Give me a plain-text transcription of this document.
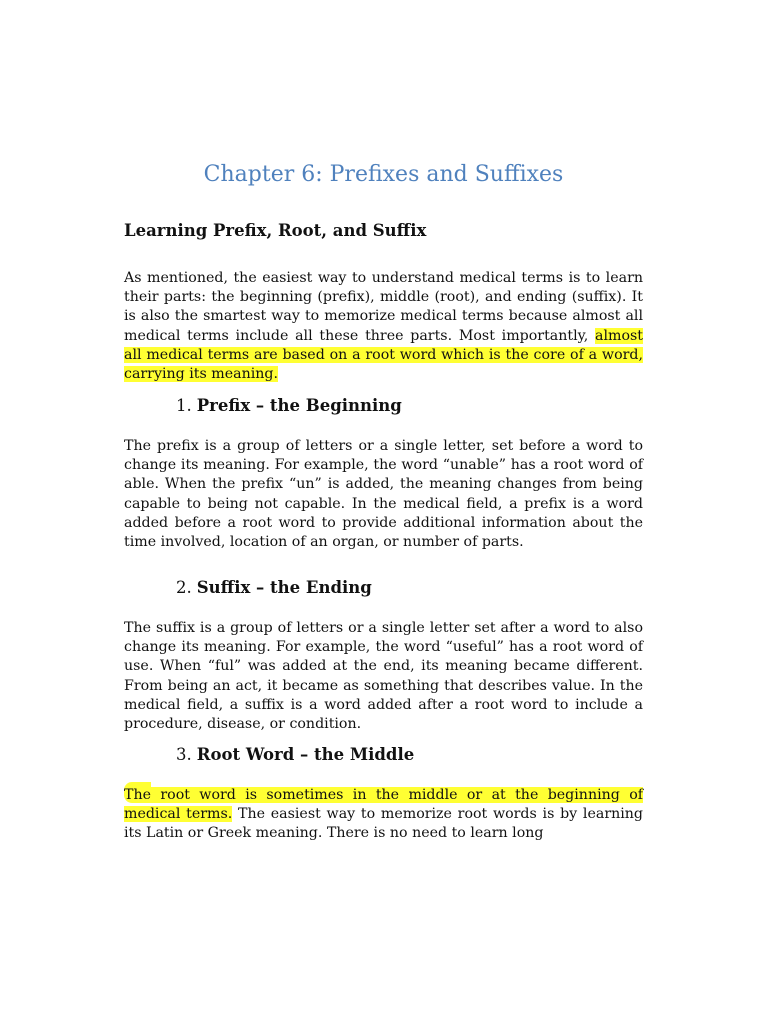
Chapter 6: Prefixes and Suffixes
Learning Prefix, Root, and Suffix

As mentioned, the easiest way to understand medical terms is to learn their parts: the beginning (prefix), middle (root), and ending (suffix). It is also the smartest way to memorize medical terms because almost all medical terms include all these three parts. Most importantly, almost all medical terms are based on a root word which is the core of a word, carrying its meaning.

1. Prefix – the Beginning

The prefix is a group of letters or a single letter, set before a word to change its meaning. For example, the word “unable” has a root word of able. When the prefix “un” is added, the meaning changes from being capable to being not capable. In the medical field, a prefix is a word added before a root word to provide additional information about the time involved, location of an organ, or number of parts.

2. Suffix – the Ending

The suffix is a group of letters or a single letter set after a word to also change its meaning. For example, the word “useful” has a root word of use. When “ful” was added at the end, its meaning became different. From being an act, it became as something that describes value. In the medical field, a suffix is a word added after a root word to include a procedure, disease, or condition.

3. Root Word – the Middle

The root word is sometimes in the middle or at the beginning of medical terms. The easiest way to memorize root words is by learning its Latin or Greek meaning. There is no need to learn long
